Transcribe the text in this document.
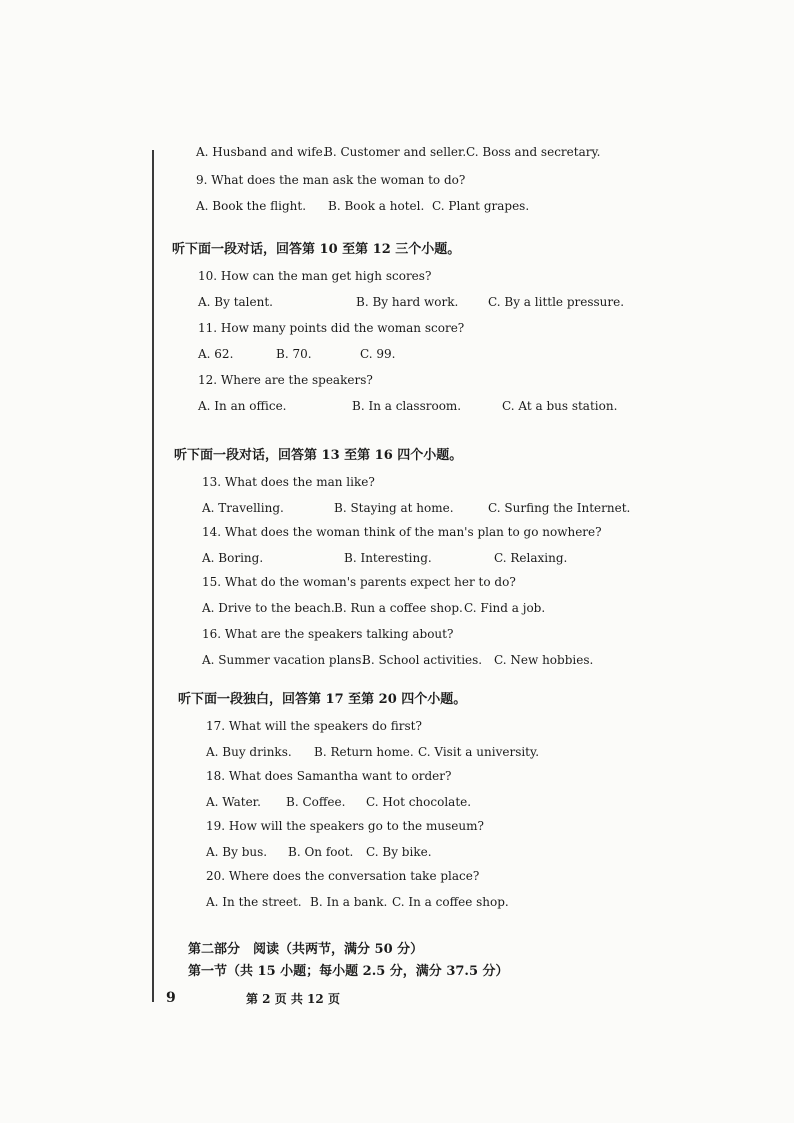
A. Husband and wife.
B. Customer and seller. C. Boss and secretary.
9. What does the man ask the woman to do?
A. Book the flight. B. Book a hotel. C. Plant grapes.
听下面一段对话，回答第 10 至第 12 三个小题。
10. How can the man get high scores?
A. By talent.	B. By hard work. C. By a little pressure.
11. How many points did the woman score?
A. 62.	B. 70.	C. 99.
12. Where are the speakers?
A. In an office.	B. In a classroom.	C. At a bus station.
听下面一段对话，回答第 13 至第 16 四个小题。
13. What does the man like?
A. Travelling.	B. Staying at home.	C. Surfing the Internet.
14. What does the woman think of the man's plan to go nowhere?
A. Boring.	B. Interesting.	C. Relaxing.
15. What do the woman's parents expect her to do?
A. Drive to the beach. B. Run a coffee shop. C. Find a job.
16. What are the speakers talking about?
A. Summer vacation plans.
B. School activities. C. New hobbies.
听下面一段独白，回答第 17 至第 20 四个小题。
17. What will the speakers do first?
A. Buy drinks. B. Return home. C. Visit a university.
18. What does Samantha want to order?
A. Water. B. Coffee. C. Hot chocolate.
19. How will the speakers go to the museum?
A. By bus. B. On foot. C. By bike.
20. Where does the conversation take place?
A. In the street. B. In a bank. C. In a coffee shop.
第二部分　阅读（共两节，满分 50 分）
第一节（共 15 小题；每小题 2.5 分，满分 37.5 分）
9	第 2 页 共 12 页
